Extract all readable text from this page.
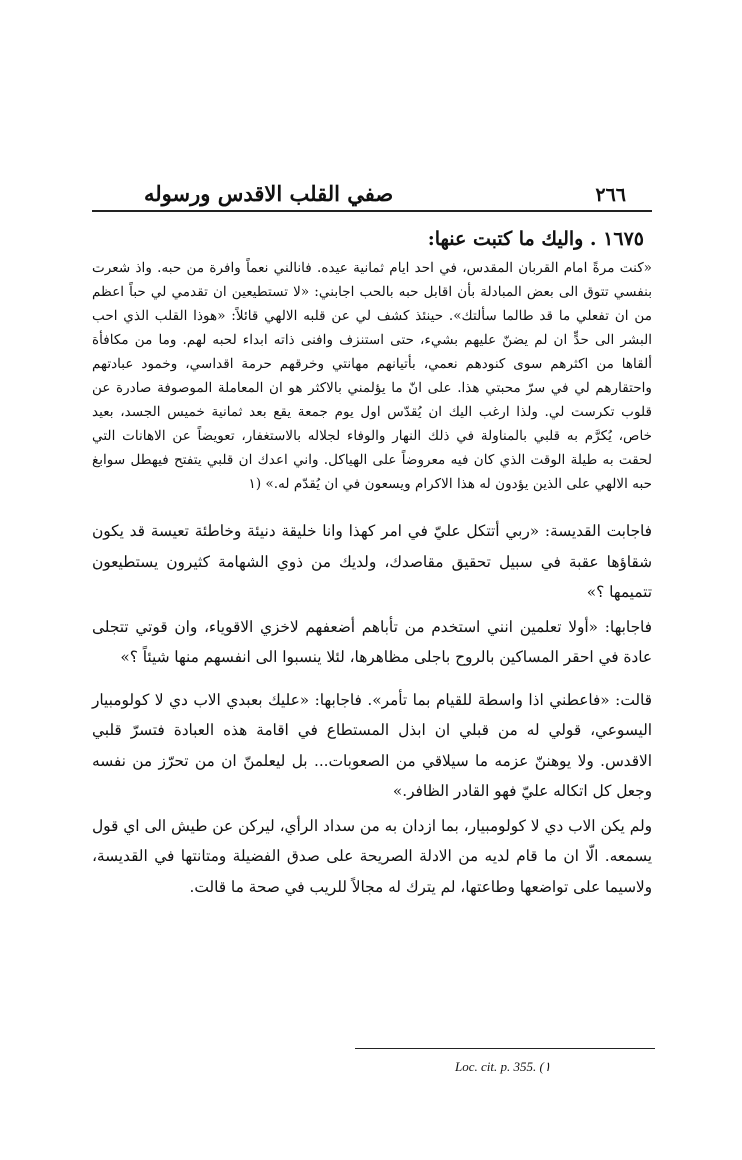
٢٦٦
صفي القلب الاقدس ورسوله
١٦٧٥ . واليك ما كتبت عنها:

«كنت مرةً امام القربان المقدس، في احد ايام ثمانية عيده. فانالني نعماً وافرة من حبه. واذ شعرت بنفسي تتوق الى بعض المبادلة بأن اقابل حبه بالحب اجابني: «لا تستطيعين ان تقدمي لي حباً اعظم من ان تفعلي ما قد طالما سألتك». حينئذ كشف لي عن قلبه الالهي قائلاً: «هوذا القلب الذي احب البشر الى حدٍّ ان لم يضنّ عليهم بشيء، حتى استنزف وافنى ذاته ابداء لحبه لهم. وما من مكافأة ألقاها من اكثرهم سوى كنودهم نعمي، بأتيانهم مهانتي وخرقهم حرمة اقداسي، وخمود عبادتهم واحتقارهم لي في سرّ محبتي هذا. على انّ ما يؤلمني بالاكثر هو ان المعاملة الموصوفة صادرة عن قلوب تكرست لي. ولذا ارغب اليك ان يُقدّس اول يوم جمعة يقع بعد ثمانية خميس الجسد، بعيد خاص، يُكرَّم به قلبي بالمناولة في ذلك النهار والوفاء لجلاله بالاستغفار، تعويضاً عن الاهانات التي لحقت به طيلة الوقت الذي كان فيه معروضاً على الهياكل. واني اعدك ان قلبي يتفتح فيهطل سوابغ حبه الالهي على الذين يؤدون له هذا الاكرام ويسعون في ان يُقدّم له.» (١

فاجابت القديسة: «ربي أتتكل عليّ في امر كهذا وانا خليقة دنيئة وخاطئة تعيسة قد يكون شقاؤها عقبة في سبيل تحقيق مقاصدك، ولديك من ذوي الشهامة كثيرون يستطيعون تتميمها ؟»

فاجابها: «أولا تعلمين انني استخدم من تأباهم أضعفهم لاخزي الاقوياء، وان قوتي تتجلى عادة في احقر المساكين بالروح باجلى مظاهرها، لئلا ينسبوا الى انفسهم منها شيئاً ؟»

قالت: «فاعطني اذا واسطة للقيام بما تأمر». فاجابها: «عليك بعبدي الاب دي لا كولومبيار اليسوعي، قولي له من قبلي ان ابذل المستطاع في اقامة هذه العبادة فتسرّ قلبي الاقدس. ولا يوهننّ عزمه ما سيلاقي من الصعوبات... بل ليعلمنّ ان من تحرّز من نفسه وجعل كل اتكاله عليّ فهو القادر الظافر.»

ولم يكن الاب دي لا كولومبيار، بما ازدان به من سداد الرأي، ليركن عن طيش الى اي قول يسمعه. الّا ان ما قام لديه من الادلة الصريحة على صدق الفضيلة ومتانتها في القديسة، ولاسيما على تواضعها وطاعتها، لم يترك له مجالاً للريب في صحة ما قالت.

Loc. cit. p. 355. (١
